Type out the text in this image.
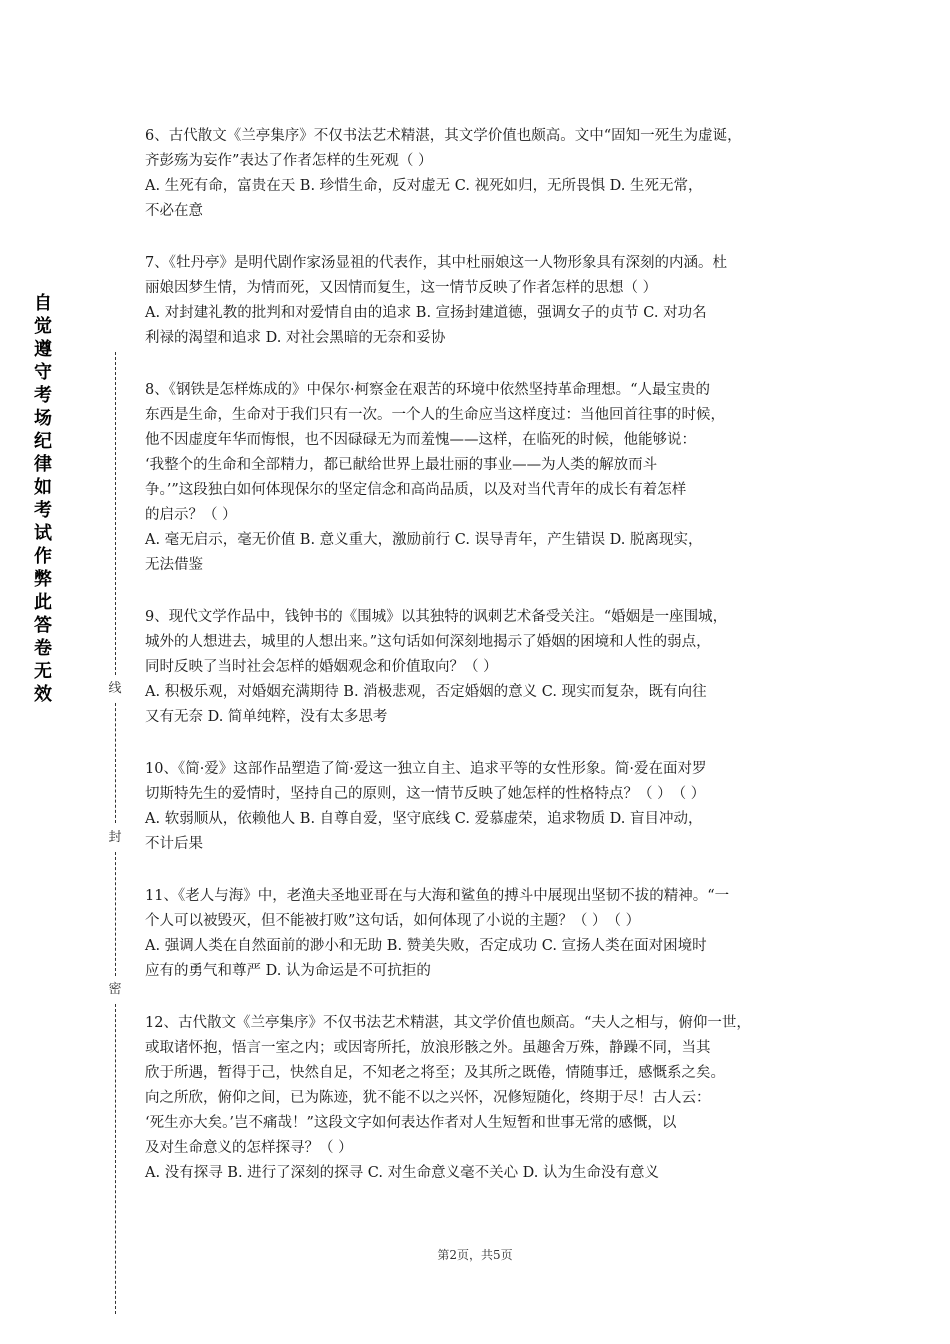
自
觉
遵
守
考
场
纪
律
如
考
试
作
弊
此
答
卷
无
效	线
封
密

6、古代散文《兰亭集序》不仅书法艺术精湛，其文学价值也颇高。文中“固知一死生为虚诞，

齐彭殇为妄作”表达了作者怎样的生死观（ ）

A. 生死有命，富贵在天 B. 珍惜生命，反对虚无 C. 视死如归，无所畏惧 D. 生死无常，

不必在意

7、《牡丹亭》是明代剧作家汤显祖的代表作，其中杜丽娘这一人物形象具有深刻的内涵。杜

丽娘因梦生情，为情而死，又因情而复生，这一情节反映了作者怎样的思想（ ）

A. 对封建礼教的批判和对爱情自由的追求 B. 宣扬封建道德，强调女子的贞节 C. 对功名

利禄的渴望和追求 D. 对社会黑暗的无奈和妥协

8、《钢铁是怎样炼成的》中保尔·柯察金在艰苦的环境中依然坚持革命理想。“人最宝贵的

东西是生命，生命对于我们只有一次。一个人的生命应当这样度过：当他回首往事的时候，

他不因虚度年华而悔恨，也不因碌碌无为而羞愧——这样，在临死的时候，他能够说：

‘我整个的生命和全部精力，都已献给世界上最壮丽的事业——为人类的解放而斗

争。’”这段独白如何体现保尔的坚定信念和高尚品质，以及对当代青年的成长有着怎样

的启示？（ ）

A. 毫无启示，毫无价值 B. 意义重大，激励前行 C. 误导青年，产生错误 D. 脱离现实，

无法借鉴

9、现代文学作品中，钱钟书的《围城》以其独特的讽刺艺术备受关注。“婚姻是一座围城，

城外的人想进去，城里的人想出来。”这句话如何深刻地揭示了婚姻的困境和人性的弱点，

同时反映了当时社会怎样的婚姻观念和价值取向？（ ）

A. 积极乐观，对婚姻充满期待 B. 消极悲观，否定婚姻的意义 C. 现实而复杂，既有向往

又有无奈 D. 简单纯粹，没有太多思考

10、《简·爱》这部作品塑造了简·爱这一独立自主、追求平等的女性形象。简·爱在面对罗

切斯特先生的爱情时，坚持自己的原则，这一情节反映了她怎样的性格特点？（ ）　（ ）

A. 软弱顺从，依赖他人 B. 自尊自爱，坚守底线 C. 爱慕虚荣，追求物质 D. 盲目冲动，

不计后果

11、《老人与海》中，老渔夫圣地亚哥在与大海和鲨鱼的搏斗中展现出坚韧不拔的精神。“一

个人可以被毁灭，但不能被打败”这句话，如何体现了小说的主题？（ ）　（ ）

A. 强调人类在自然面前的渺小和无助 B. 赞美失败，否定成功 C. 宣扬人类在面对困境时

应有的勇气和尊严 D. 认为命运是不可抗拒的

12、古代散文《兰亭集序》不仅书法艺术精湛，其文学价值也颇高。“夫人之相与，俯仰一世，

或取诸怀抱，悟言一室之内；或因寄所托，放浪形骸之外。虽趣舍万殊，静躁不同，当其

欣于所遇，暂得于己，快然自足，不知老之将至；及其所之既倦，情随事迁，感慨系之矣。

向之所欣，俯仰之间，已为陈迹，犹不能不以之兴怀，况修短随化，终期于尽！古人云：

‘死生亦大矣。’岂不痛哉！”这段文字如何表达作者对人生短暂和世事无常的感慨，以

及对生命意义的怎样探寻？（ ）

A. 没有探寻 B. 进行了深刻的探寻 C. 对生命意义毫不关心 D. 认为生命没有意义

第2页，共5页
